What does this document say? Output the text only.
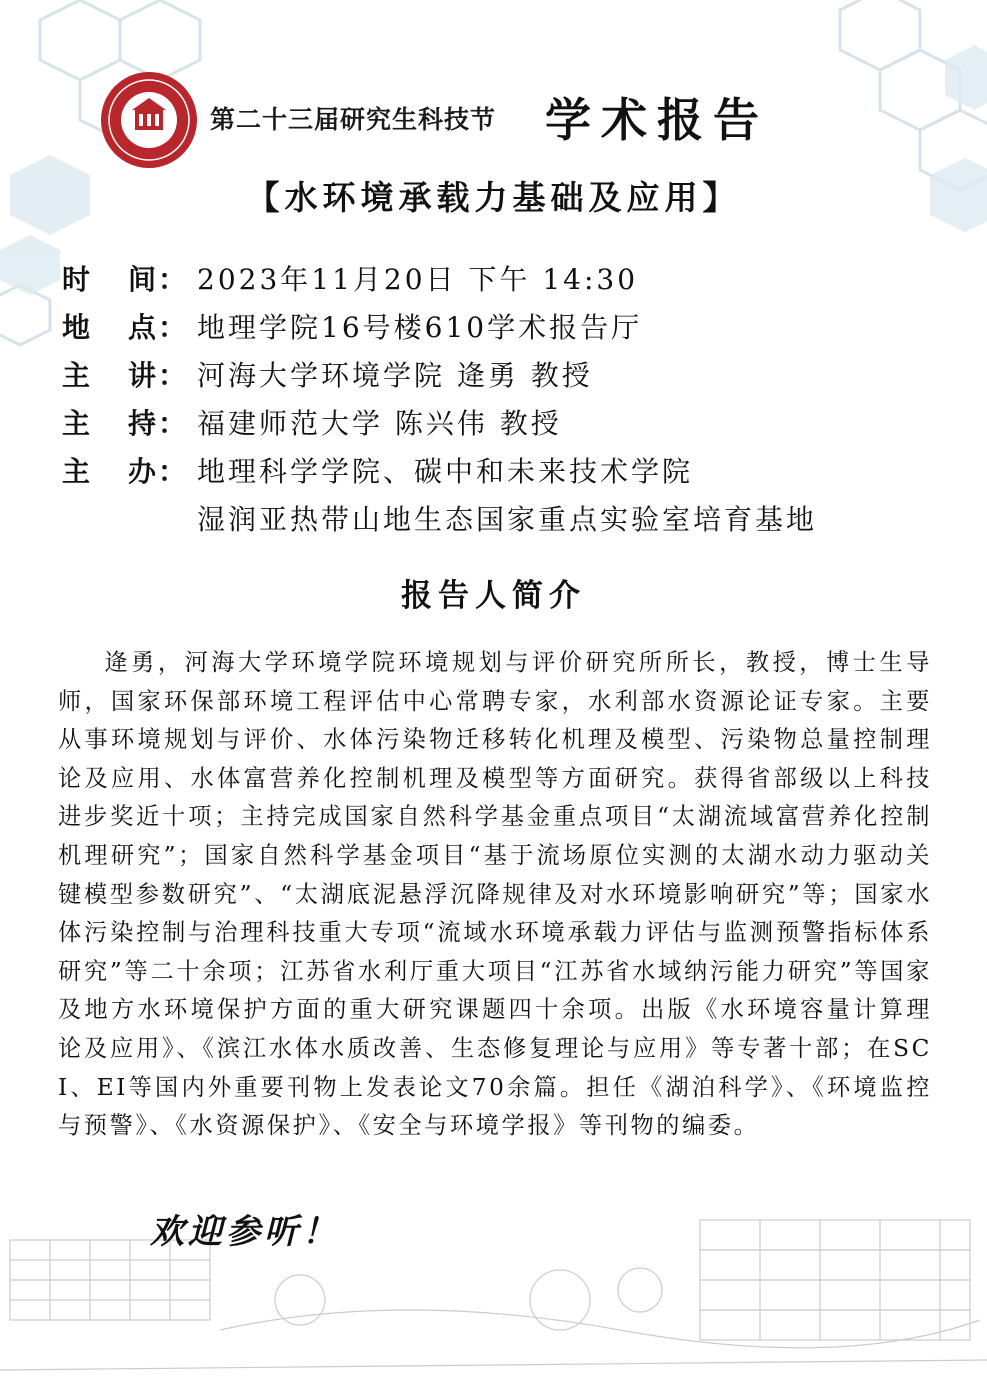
第二十三届研究生科技节 学术报告
【水环境承载力基础及应用】
时 间： 2023年11月20日 下午 14:30
地 点： 地理学院16号楼610学术报告厅
主 讲： 河海大学环境学院 逄勇 教授
主 持： 福建师范大学 陈兴伟 教授
主 办： 地理科学学院、碳中和未来技术学院
湿润亚热带山地生态国家重点实验室培育基地
报告人简介
逄勇，河海大学环境学院环境规划与评价研究所所长，教授，博士生导师，国家环保部环境工程评估中心常聘专家，水利部水资源论证专家。主要从事环境规划与评价、水体污染物迁移转化机理及模型、污染物总量控制理论及应用、水体富营养化控制机理及模型等方面研究。获得省部级以上科技进步奖近十项；主持完成国家自然科学基金重点项目“太湖流域富营养化控制机理研究”；国家自然科学基金项目“基于流场原位实测的太湖水动力驱动关键模型参数研究”、“太湖底泥悬浮沉降规律及对水环境影响研究”等；国家水体污染控制与治理科技重大专项“流域水环境承载力评估与监测预警指标体系研究”等二十余项；江苏省水利厅重大项目“江苏省水域纳污能力研究”等国家及地方水环境保护方面的重大研究课题四十余项。出版《水环境容量计算理论及应用》、《滨江水体水质改善、生态修复理论与应用》等专著十部；在SCI、EI等国内外重要刊物上发表论文70余篇。担任《湖泊科学》、《环境监控与预警》、《水资源保护》、《安全与环境学报》等刊物的编委。
欢迎参听！
